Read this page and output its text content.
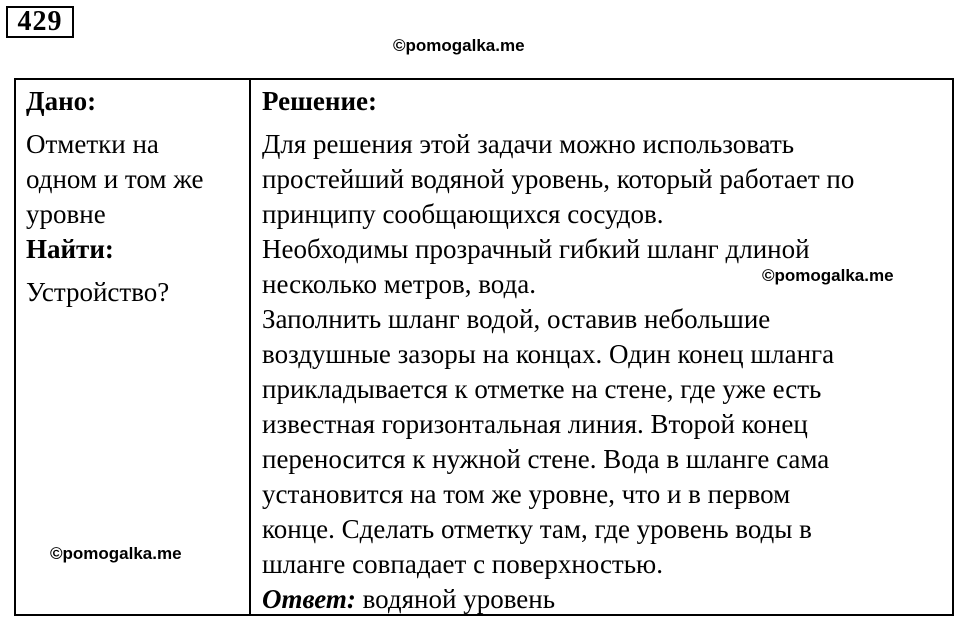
429
©pomogalka.me

Дано:

Отметки на
одном и том же
уровне

Найти:

Устройство?

Решение:

Для решения этой задачи можно использовать
простейший водяной уровень, который работает по
принципу сообщающихся сосудов.
Необходимы прозрачный гибкий шланг длиной
несколько метров, вода.
Заполнить шланг водой, оставив небольшие
воздушные зазоры на концах. Один конец шланга
прикладывается к отметке на стене, где уже есть
известная горизонтальная линия. Второй конец
переносится к нужной стене. Вода в шланге сама
установится на том же уровне, что и в первом
конце. Сделать отметку там, где уровень воды в
шланге совпадает с поверхностью.
Ответ: водяной уровень
©pomogalka.me
©pomogalka.me
